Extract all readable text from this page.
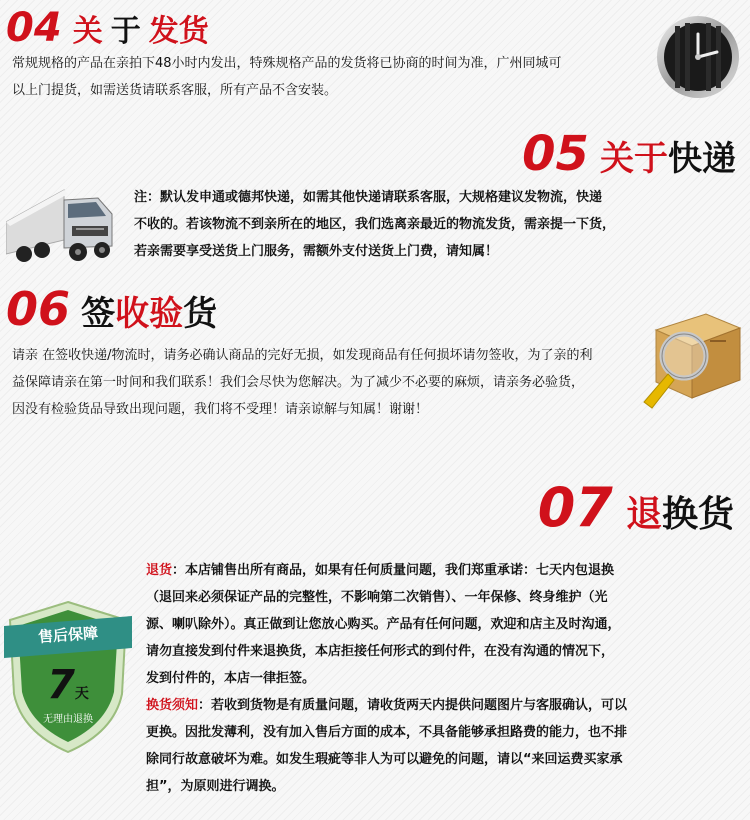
04 关 于 发货
常规规格的产品在亲拍下48小时内发出，特殊规格产品的发货将已协商的时间为准，广州同城可
以上门提货，如需送货请联系客服，所有产品不含安装。
05 关于快递
注：默认发申通或德邦快递，如需其他快递请联系客服，大规格建议发物流，快递
不收的。若该物流不到亲所在的地区，我们选离亲最近的物流发货，需亲提一下货，
若亲需要享受送货上门服务，需额外支付送货上门费，请知属！
06 签收验货
请亲 在签收快递/物流时，请务必确认商品的完好无损，如发现商品有任何损坏请勿签收，为了亲的利
益保障请亲在第一时间和我们联系！我们会尽快为您解决。为了减少不必要的麻烦，请亲务必验货，
因没有检验货品导致出现问题，我们将不受理！请亲谅解与知属！谢谢！
07 退换货
售后保障
7天
无理由退换
退货：本店铺售出所有商品，如果有任何质量问题，我们郑重承诺：七天内包退换
（退回来必须保证产品的完整性，不影响第二次销售）、一年保修、终身维护（光
源、喇叭除外）。真正做到让您放心购买。产品有任何问题，欢迎和店主及时沟通，
请勿直接发到付件来退换货，本店拒接任何形式的到付件，在没有沟通的情况下，
发到付件的，本店一律拒签。
换货须知：若收到货物是有质量问题，请收货两天内提供问题图片与客服确认，可以
更换。因批发薄利，没有加入售后方面的成本，不具备能够承担路费的能力，也不排
除同行故意破坏为难。如发生瑕疵等非人为可以避免的问题，请以“来回运费买家承
担”，为原则进行调换。
